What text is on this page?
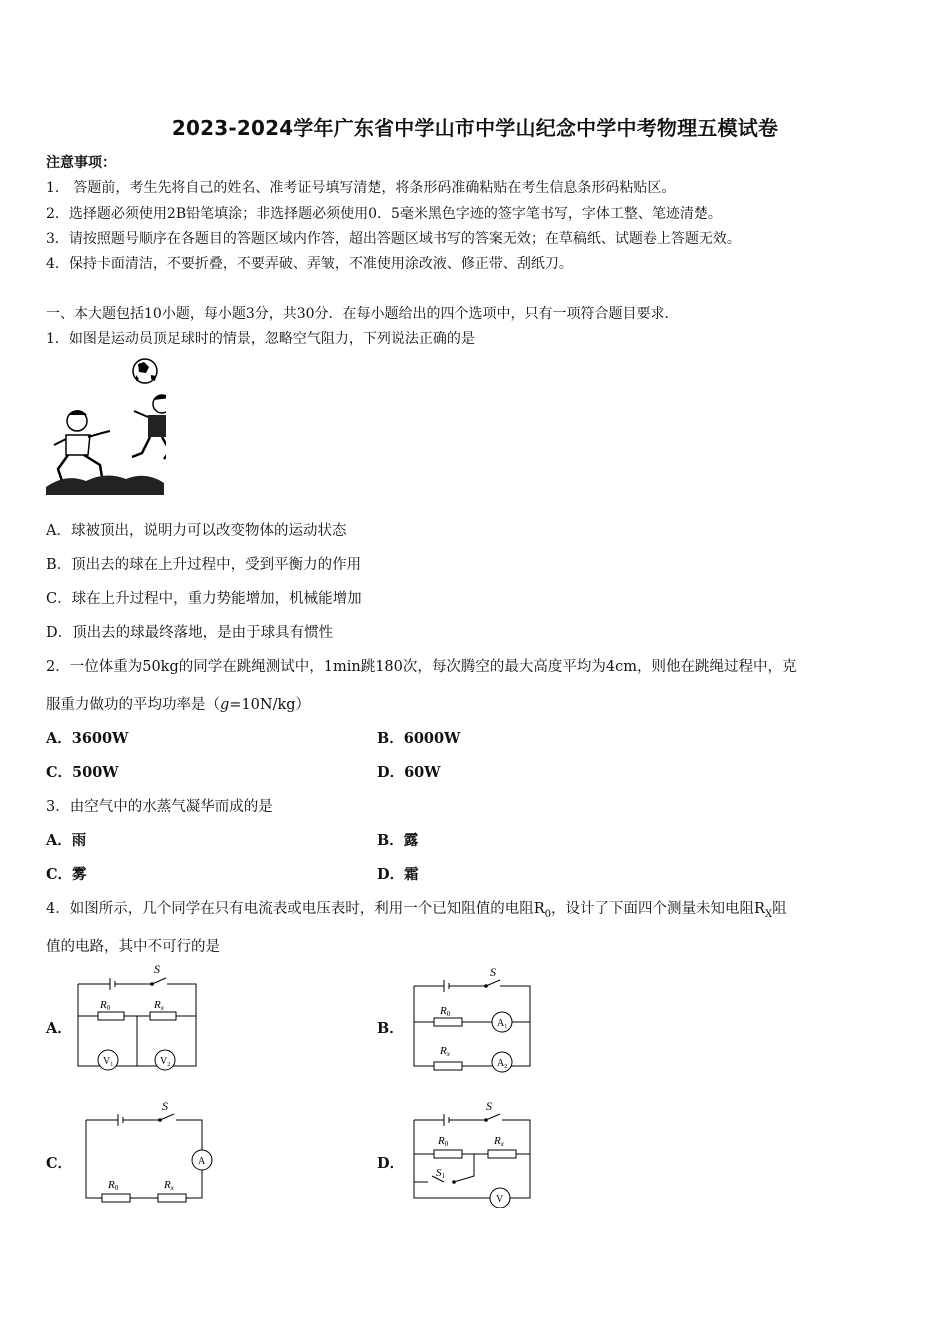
2023-2024学年广东省中学山市中学山纪念中学中考物理五模试卷
注意事项：
1． 答题前，考生先将自己的姓名、准考证号填写清楚，将条形码准确粘贴在考生信息条形码粘贴区。
2．选择题必须使用2B铅笔填涂；非选择题必须使用0．5毫米黑色字迹的签字笔书写，字体工整、笔迹清楚。
3．请按照题号顺序在各题目的答题区域内作答，超出答题区域书写的答案无效；在草稿纸、试题卷上答题无效。
4．保持卡面清洁，不要折叠，不要弄破、弄皱，不准使用涂改液、修正带、刮纸刀。
一、本大题包括10小题，每小题3分，共30分．在每小题给出的四个选项中，只有一项符合题目要求．
1．如图是运动员顶足球时的情景，忽略空气阻力，下列说法正确的是
A．球被顶出，说明力可以改变物体的运动状态
B．顶出去的球在上升过程中，受到平衡力的作用
C．球在上升过程中，重力势能增加，机械能增加
D．顶出去的球最终落地，是由于球具有惯性
2．一位体重为50kg的同学在跳绳测试中，1min跳180次，每次腾空的最大高度平均为4cm，则他在跳绳过程中，克
服重力做功的平均功率是（g=10N/kg）
A．3600W	B．6000W
C．500W	D．60W
3．由空气中的水蒸气凝华而成的是
A．雨	B．露
C．雾	D．霜
4．如图所示，几个同学在只有电流表或电压表时，利用一个已知阻值的电阻$R_0$，设计了下面四个测量未知电阻$R_X$阻
值的电路，其中不可行的是
A．	B．
C．	D．
S
R0	Rx
$V_1$	$V_2$
S
R0
Rx
$A_1$
$A_2$
S
A
R0	Rx
S
R0	Rx
S1
V
